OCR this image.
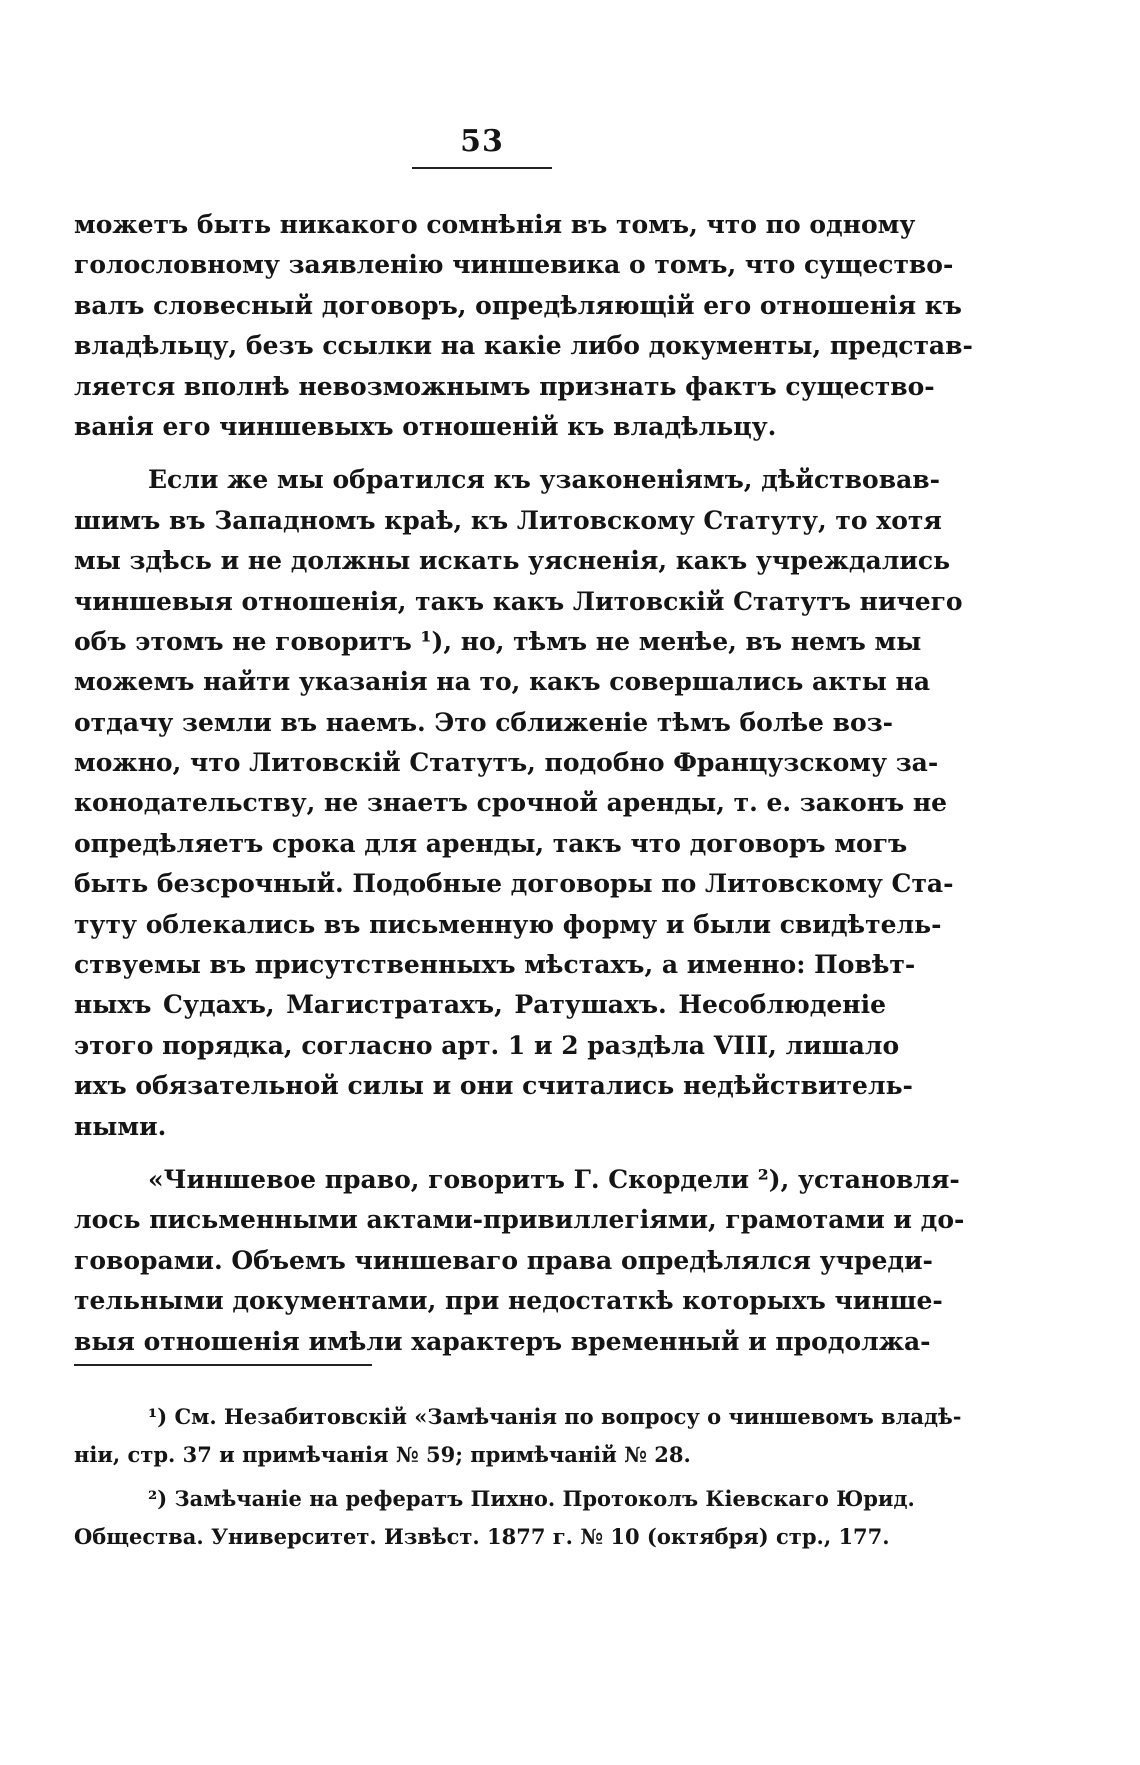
53
можетъ быть никакого сомнѣнія въ томъ, что по одному
голословному заявленію чиншевика о томъ, что существо-
валъ словесный договоръ, опредѣляющій его отношенія къ
владѣльцу, безъ ссылки на какіе либо документы, представ-
ляется вполнѣ невозможнымъ признать фактъ существо-
ванія его чиншевыхъ отношеній къ владѣльцу.
Если же мы обратился къ узаконеніямъ, дѣйствовав-
шимъ въ Западномъ краѣ, къ Литовскому Статуту, то хотя
мы здѣсь и не должны искать уясненія, какъ учреждались
чиншевыя отношенія, такъ какъ Литовскій Статутъ ничего
объ этомъ не говоритъ ¹), но, тѣмъ не менѣе, въ немъ мы
можемъ найти указанія на то, какъ совершались акты на
отдачу земли въ наемъ. Это сближеніе тѣмъ болѣе воз-
можно, что Литовскій Статутъ, подобно Французскому за-
конодательству, не знаетъ срочной аренды, т. е. законъ не
опредѣляетъ срока для аренды, такъ что договоръ могъ
быть безсрочный. Подобные договоры по Литовскому Ста-
туту облекались въ письменную форму и были свидѣтель-
ствуемы въ присутственныхъ мѣстахъ, а именно: Повѣт-
ныхъ Судахъ, Магистратахъ, Ратушахъ. Несоблюденіе
этого порядка, согласно арт. 1 и 2 раздѣла VIII, лишало
ихъ обязательной силы и они считались недѣйствитель-
ными.
«Чиншевое право, говоритъ Г. Скордели ²), установля-
лось письменными актами-привиллегіями, грамотами и до-
говорами. Объемъ чиншеваго права опредѣлялся учреди-
тельными документами, при недостаткѣ которыхъ чинше-
выя отношенія имѣли характеръ временный и продолжа-
¹) См. Незабитовскій «Замѣчанія по вопросу о чиншевомъ владѣ-
ніи, стр. 37 и примѣчанія № 59; примѣчаній № 28.
²) Замѣчаніе на рефератъ Пихно. Протоколъ Кіевскаго Юрид.
Общества. Университет. Извѣст. 1877 г. № 10 (октября) стр., 177.
